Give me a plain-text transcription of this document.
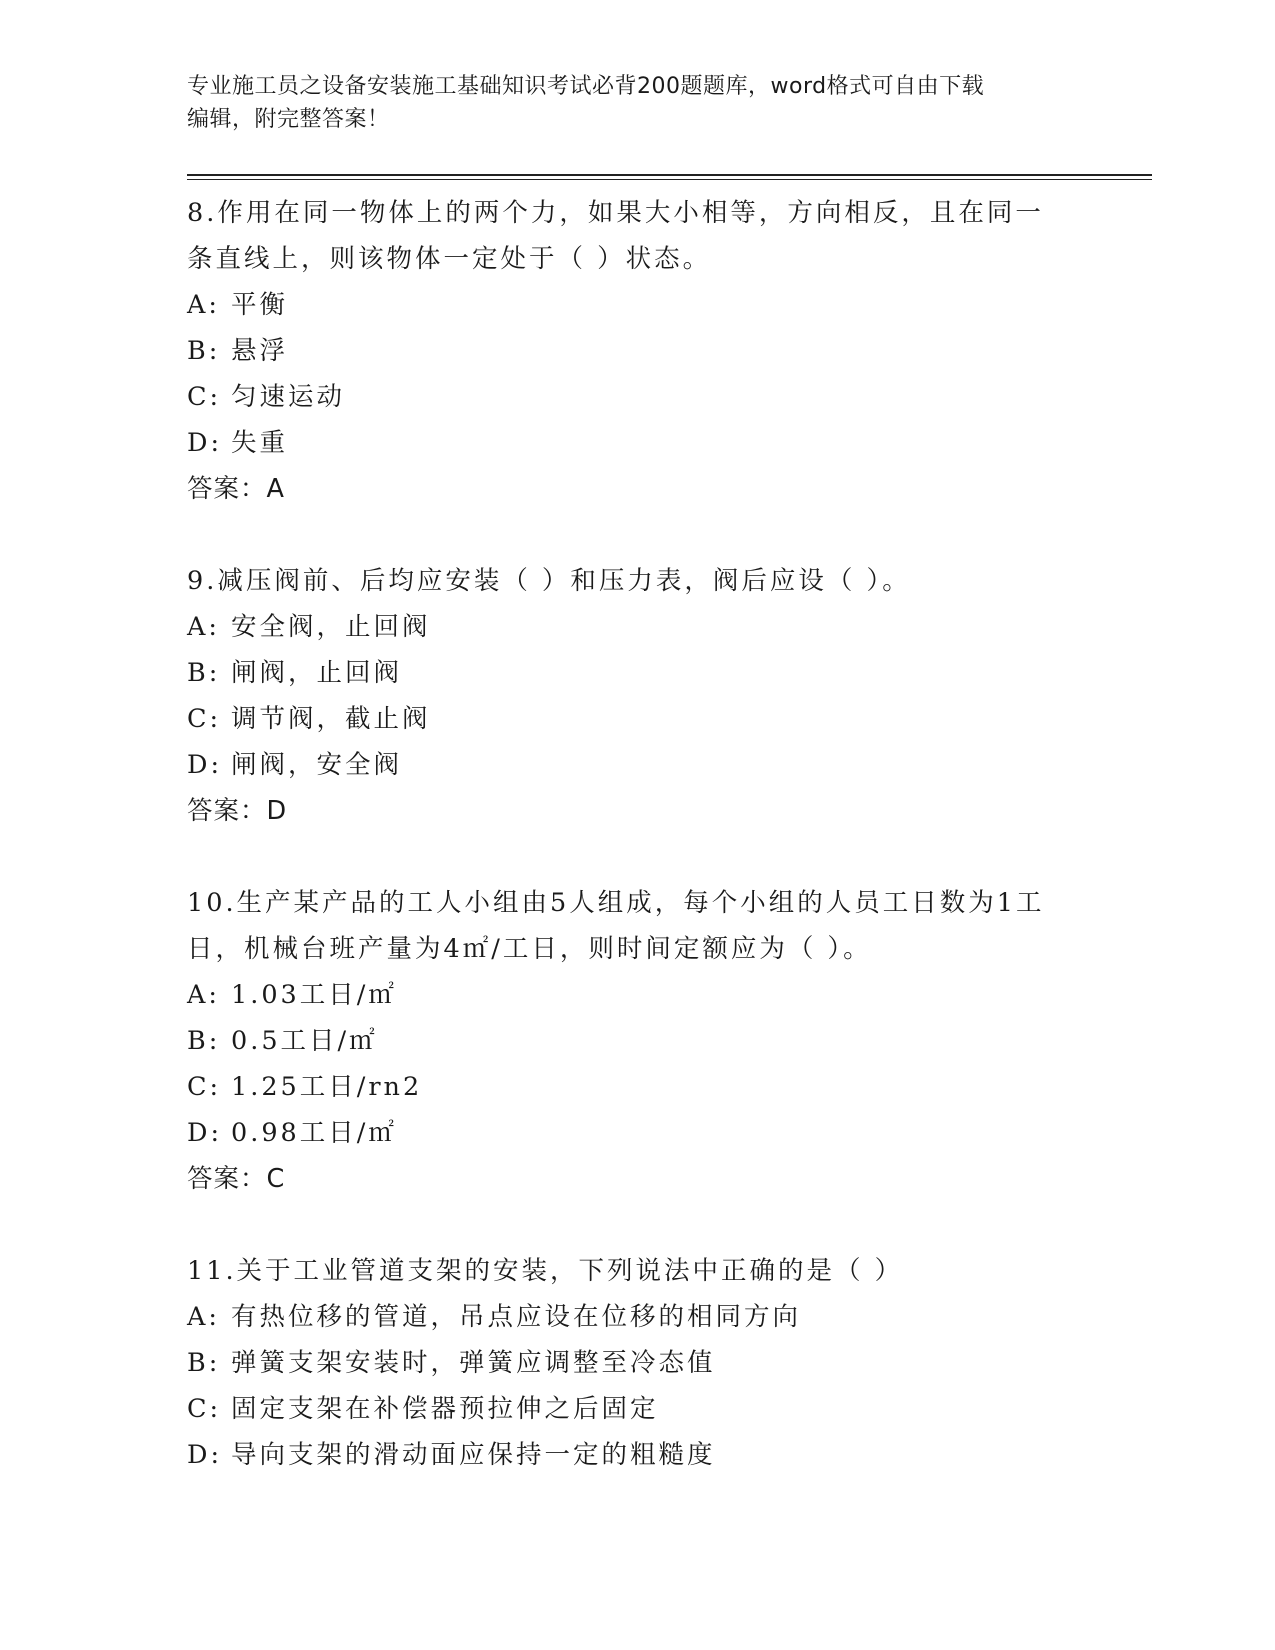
专业施工员之设备安装施工基础知识考试必背200题题库，word格式可自由下载
编辑，附完整答案！

8.作用在同一物体上的两个力，如果大小相等，方向相反，且在同一

条直线上，则该物体一定处于（ ）状态。

A: 平衡

B: 悬浮

C: 匀速运动

D: 失重

答案：A

9.减压阀前、后均应安装（ ）和压力表，阀后应设（ ）。

A: 安全阀，止回阀

B: 闸阀，止回阀

C: 调节阀，截止阀

D: 闸阀，安全阀

答案：D

10.生产某产品的工人小组由5人组成，每个小组的人员工日数为1工

日，机械台班产量为4㎡/工日，则时间定额应为（ ）。

A: 1.03工日/㎡

B: 0.5工日/㎡

C: 1.25工日/rn2

D: 0.98工日/㎡

答案：C

11.关于工业管道支架的安装，下列说法中正确的是（ ）

A: 有热位移的管道，吊点应设在位移的相同方向

B: 弹簧支架安装时，弹簧应调整至冷态值

C: 固定支架在补偿器预拉伸之后固定

D: 导向支架的滑动面应保持一定的粗糙度
